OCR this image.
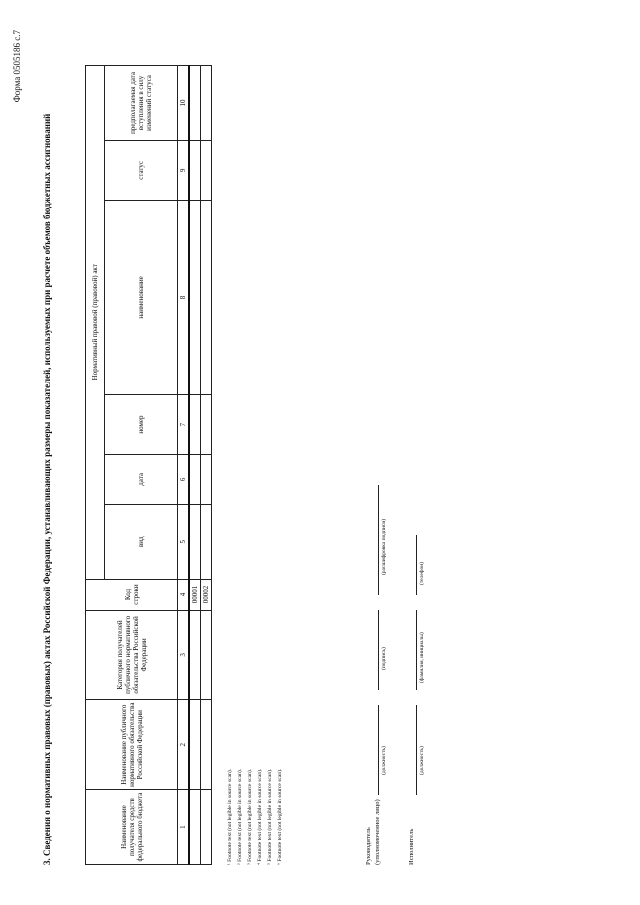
Форма 0505186 с.7
3. Сведения о нормативных правовых (правовых) актах Российской Федерации, устанавливающих размеры показателей, используемых при расчете объемов бюджетных ассигнований	Наименование получателя средств федерального бюджета	Наименование публичного нормативного обязательства Российской Федерации	Категория получателей публичного нормативного обязательства Российской Федерации	Код строки	Нормативный правовой (правовой) акт					
				вид	дата	номер	наименование	статус	предполагаемая дата вступления в силу изменений статуса
1	2	3	4	5	6	7	8	9	10
			00001						
			00002						
¹ Footnote text (not legible in source scan). ² Footnote text (not legible in source scan). ³ Footnote text (not legible in source scan). ⁴ Footnote text (not legible in source scan). ⁵ Footnote text (not legible in source scan). ⁶ Footnote text (not legible in source scan).	Руководитель (уполномоченное лицо)
(должность)
(подпись)
(расшифровка подписи)
Исполнитель
(должность)
(фамилия, инициалы)
(телефон)
